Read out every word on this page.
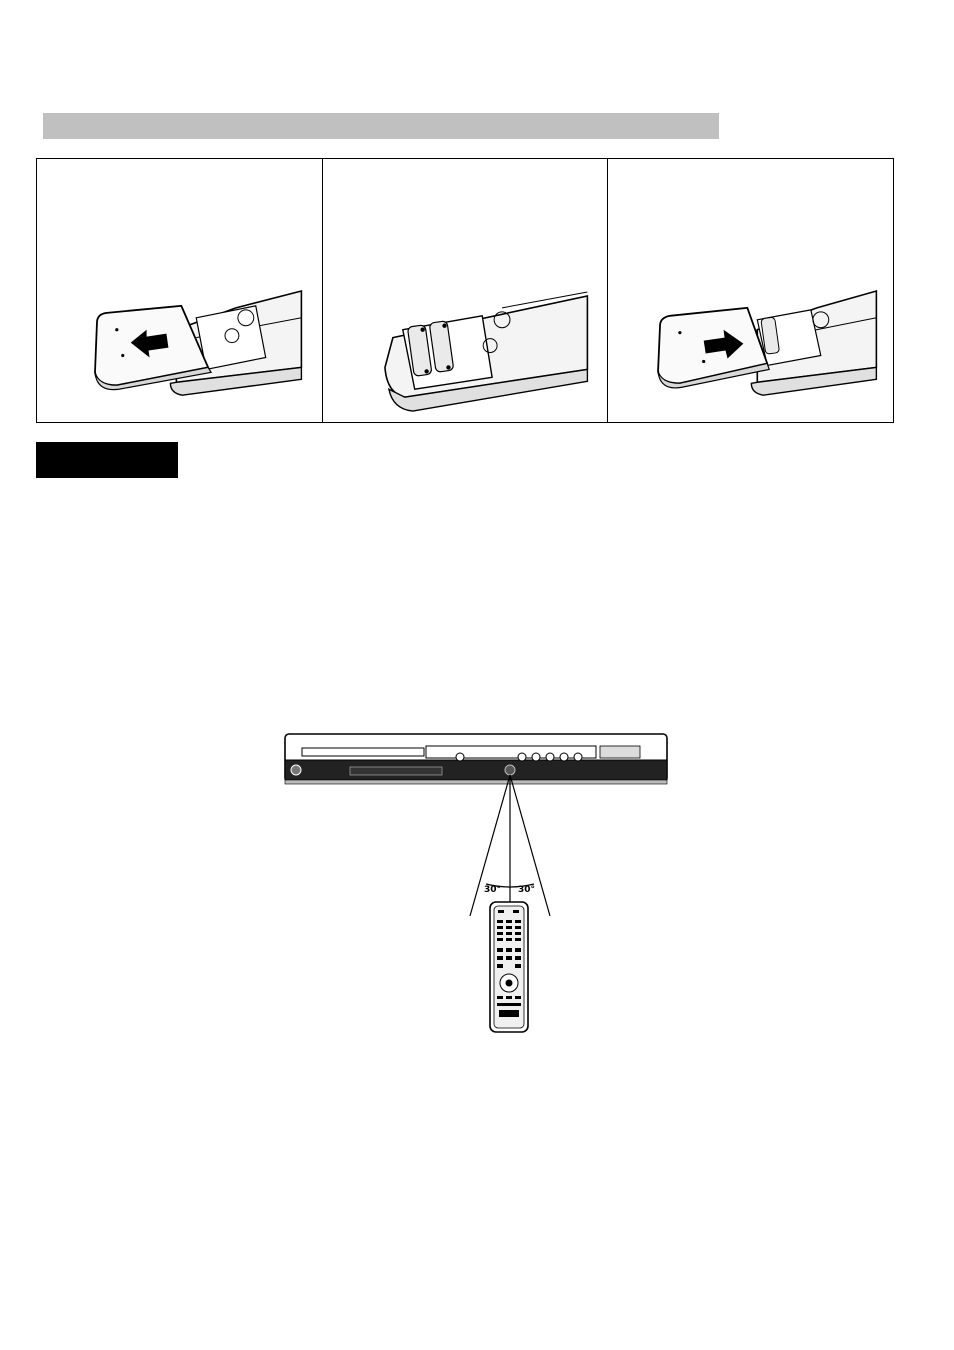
30° 30°
